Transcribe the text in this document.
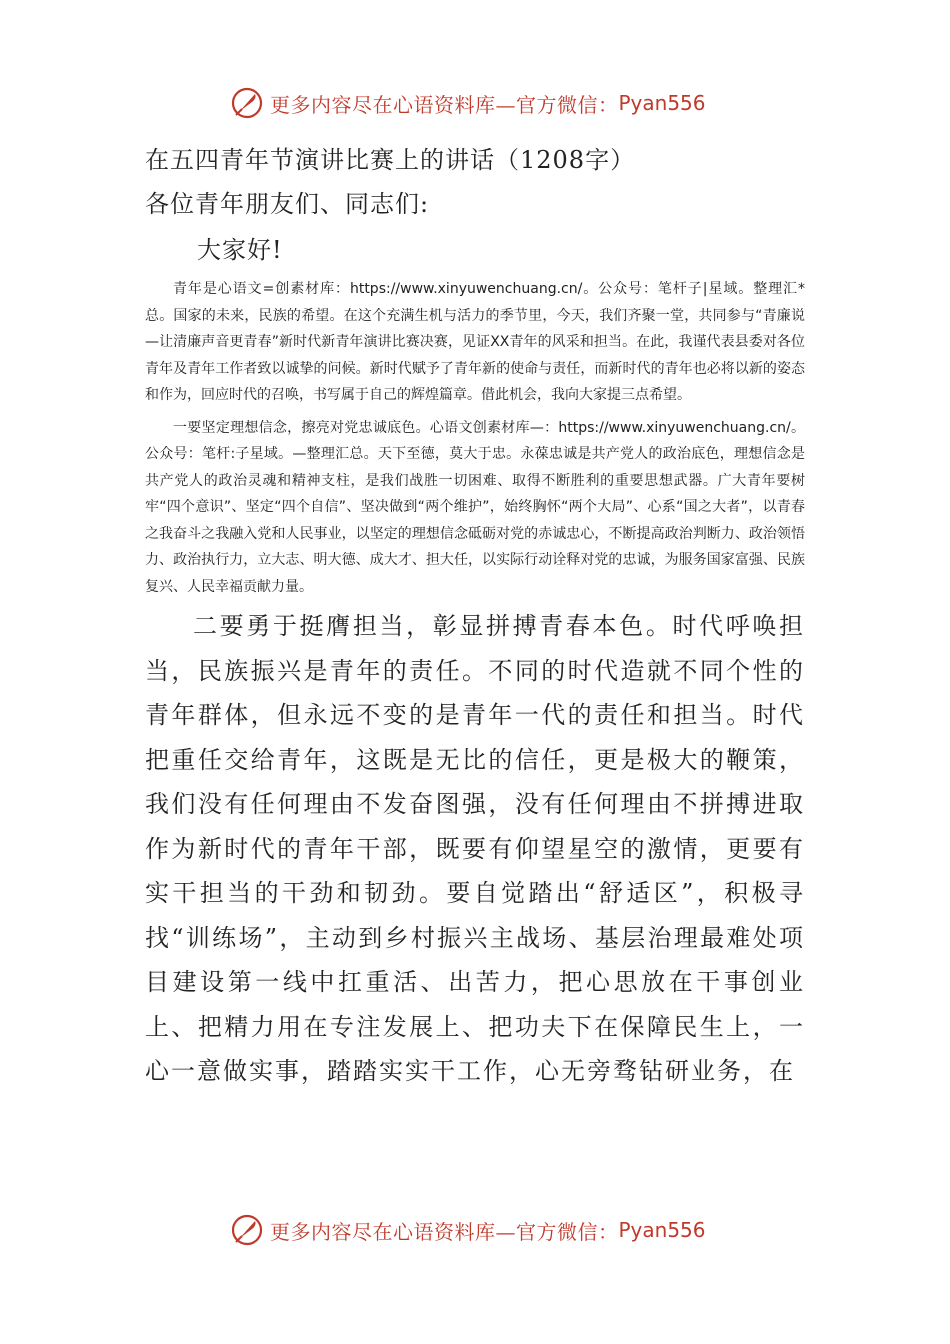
更多内容尽在心语资料库—官方微信： Pyan556

在五四青年节演讲比赛上的讲话（1208字）

各位青年朋友们、同志们:

大家好!

青年是心语文=创素材库：https://www.xinyuwenchuang.cn/。公众号：笔杆子|星域。整理汇*总。国家的未来，民族的希望。在这个充满生机与活力的季节里，今天，我们齐聚一堂，共同参与“青廉说—让清廉声音更青春”新时代新青年演讲比赛决赛，见证XX青年的风采和担当。在此，我谨代表县委对各位青年及青年工作者致以诚挚的问候。新时代赋予了青年新的使命与责任，而新时代的青年也必将以新的姿态和作为，回应时代的召唤，书写属于自己的辉煌篇章。借此机会，我向大家提三点希望。

一要坚定理想信念，擦亮对党忠诚底色。心语文创素材库—：https://www.xinyuwenchuang.cn/。公众号：笔杆:子星域。—整理汇总。天下至德，莫大于忠。永葆忠诚是共产党人的政治底色，理想信念是共产党人的政治灵魂和精神支柱，是我们战胜一切困难、取得不断胜利的重要思想武器。广大青年要树牢“四个意识”、坚定“四个自信”、坚决做到“两个维护”，始终胸怀“两个大局”、心系“国之大者”，以青春之我奋斗之我融入党和人民事业，以坚定的理想信念砥砺对党的赤诚忠心，不断提高政治判断力、政治领悟力、政治执行力，立大志、明大德、成大才、担大任，以实际行动诠释对党的忠诚，为服务国家富强、民族复兴、人民幸福贡献力量。

二要勇于挺膺担当，彰显拼搏青春本色。时代呼唤担当，民族振兴是青年的责任。不同的时代造就不同个性的青年群体，但永远不变的是青年一代的责任和担当。时代把重任交给青年，这既是无比的信任，更是极大的鞭策，我们没有任何理由不发奋图强，没有任何理由不拼搏进取作为新时代的青年干部，既要有仰望星空的激情，更要有实干担当的干劲和韧劲。要自觉踏出“舒适区”，积极寻找“训练场”，主动到乡村振兴主战场、基层治理最难处项目建设第一线中扛重活、出苦力，把心思放在干事创业上、把精力用在专注发展上、把功夫下在保障民生上，一心一意做实事，踏踏实实干工作，心无旁骛钻研业务，在

更多内容尽在心语资料库—官方微信： Pyan556
